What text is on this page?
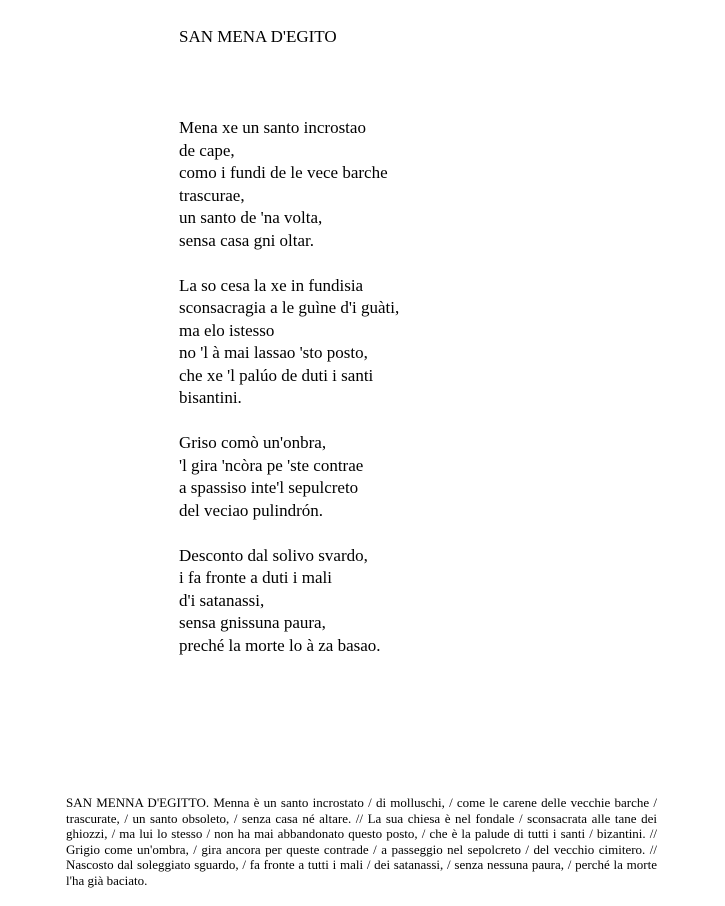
SAN MENA D'EGITO
Mena xe un santo incrostao
de cape,
como i fundi de le vece barche
trascurae,
un santo de 'na volta,
sensa casa gni oltar.
La so cesa la xe in fundisia
sconsacragia a le guìne d'i guàti,
ma elo istesso
no 'l à mai lassao 'sto posto,
che xe 'l palúo de duti i santi
bisantini.
Griso comò un'onbra,
'l gira 'ncòra pe 'ste contrae
a spassiso inte'l sepulcreto
del veciao pulindrón.
Desconto dal solivo svardo,
i fa fronte a duti i mali
d'i satanassi,
sensa gnissuna paura,
preché la morte lo à za basao.
SAN MENNA D'EGITTO. Menna è un santo incrostato / di molluschi, / come le carene delle vecchie barche / trascurate, / un santo obsoleto, / senza casa né altare. // La sua chiesa è nel fondale / sconsacrata alle tane dei ghiozzi, / ma lui lo stesso / non ha mai abbandonato questo posto, / che è la palude di tutti i santi / bizantini. // Grigio come un'ombra, / gira ancora per queste contrade / a passeggio nel sepolcreto / del vecchio cimitero. // Nascosto dal soleggiato sguardo, / fa fronte a tutti i mali / dei satanassi, / senza nessuna paura, / perché la morte l'ha già baciato.
